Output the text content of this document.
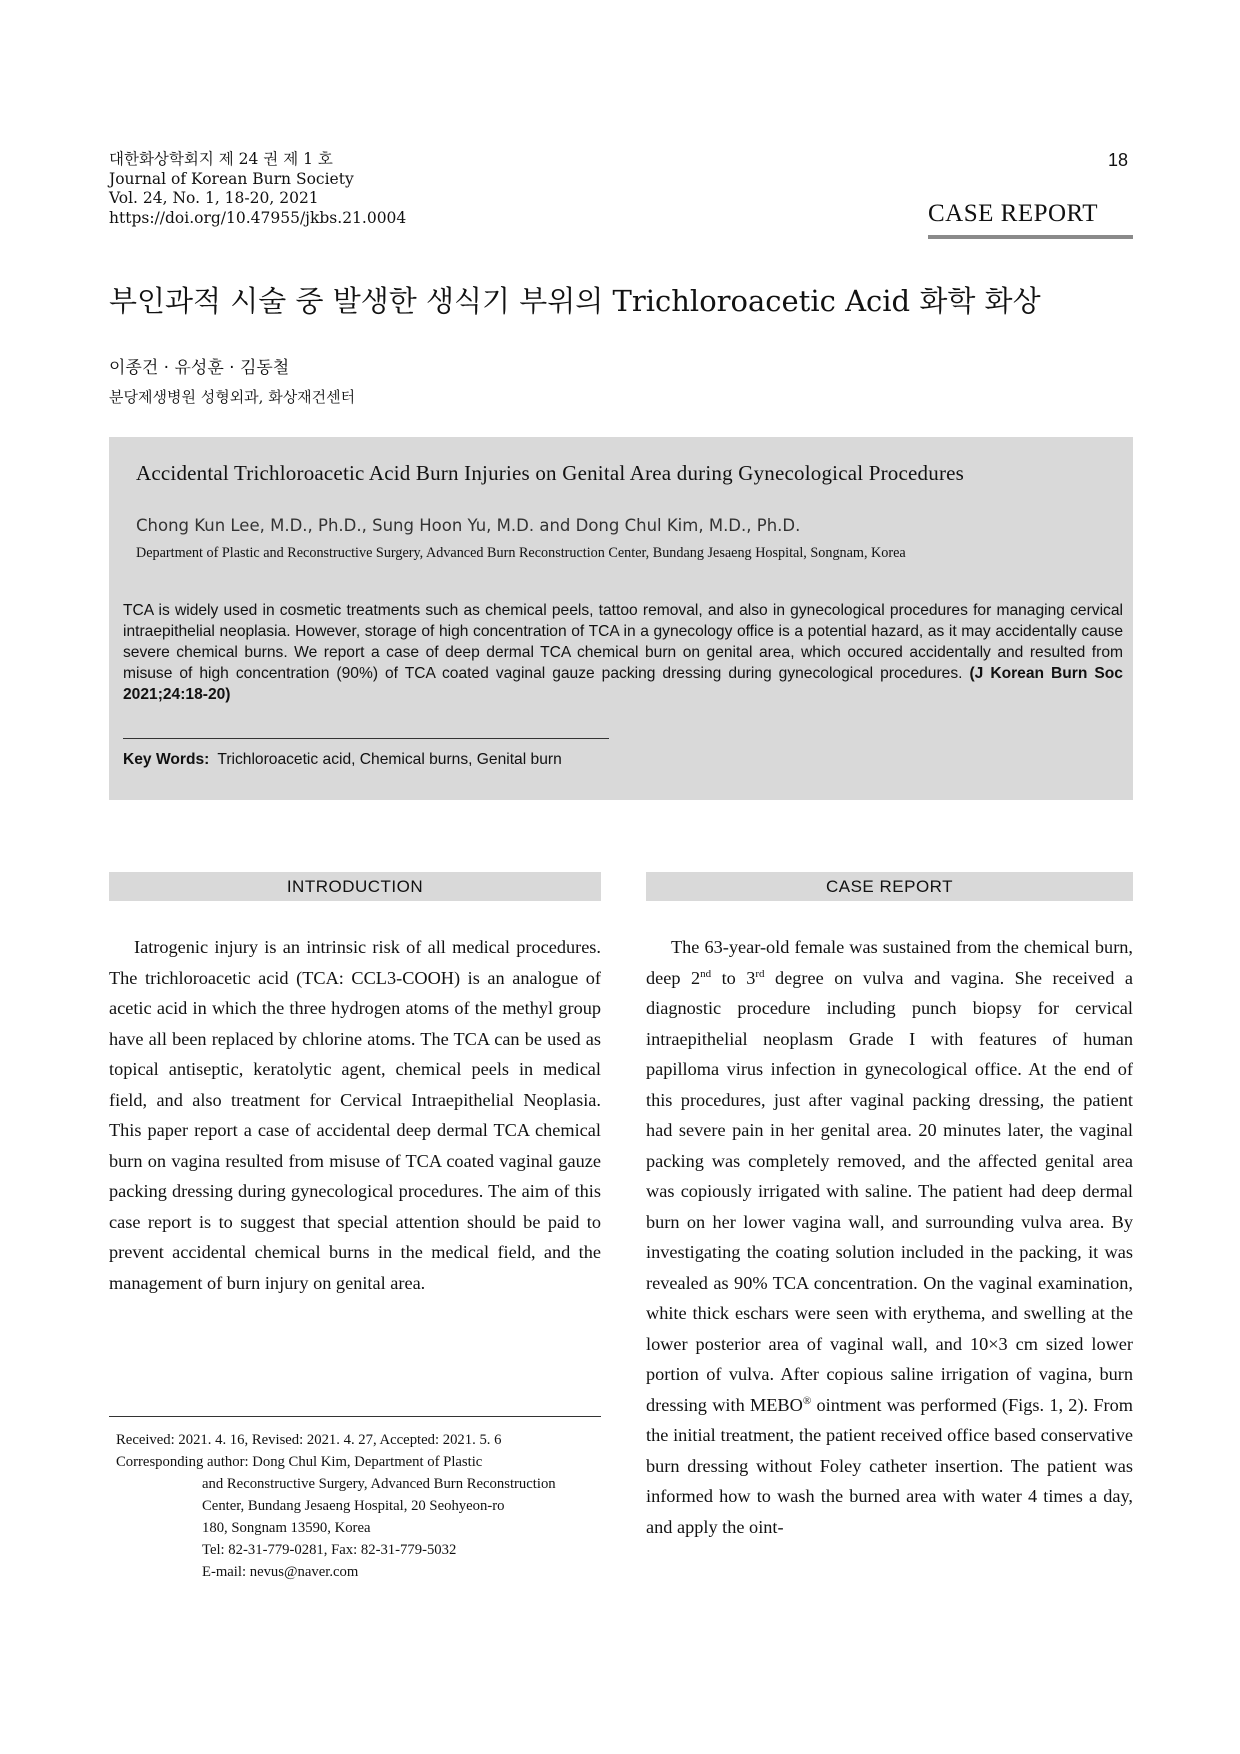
대한화상학회지 제 24 권 제 1 호
Journal of Korean Burn Society
Vol. 24, No. 1, 18-20, 2021
https://doi.org/10.47955/jkbs.21.0004
18
CASE REPORT
부인과적 시술 중 발생한 생식기 부위의 Trichloroacetic Acid 화학 화상
이종건 · 유성훈 · 김동철
분당제생병원 성형외과, 화상재건센터
Accidental Trichloroacetic Acid Burn Injuries on Genital Area during Gynecological Procedures
Chong Kun Lee, M.D., Ph.D., Sung Hoon Yu, M.D. and Dong Chul Kim, M.D., Ph.D.
Department of Plastic and Reconstructive Surgery, Advanced Burn Reconstruction Center, Bundang Jesaeng Hospital, Songnam, Korea
TCA is widely used in cosmetic treatments such as chemical peels, tattoo removal, and also in gynecological procedures for managing cervical intraepithelial neoplasia. However, storage of high concentration of TCA in a gynecology office is a potential hazard, as it may accidentally cause severe chemical burns. We report a case of deep dermal TCA chemical burn on genital area, which occured accidentally and resulted from misuse of high concentration (90%) of TCA coated vaginal gauze packing dressing during gynecological procedures. (J Korean Burn Soc 2021;24:18-20)
Key Words: Trichloroacetic acid, Chemical burns, Genital burn
INTRODUCTION	CASE REPORT
Iatrogenic injury is an intrinsic risk of all medical procedures. The trichloroacetic acid (TCA: CCL3-COOH) is an analogue of acetic acid in which the three hydrogen atoms of the methyl group have all been replaced by chlorine atoms. The TCA can be used as topical antiseptic, keratolytic agent, chemical peels in medical field, and also treatment for Cervical Intraepithelial Neoplasia. This paper report a case of accidental deep dermal TCA chemical burn on vagina resulted from misuse of TCA coated vaginal gauze packing dressing during gynecological procedures. The aim of this case report is to suggest that special attention should be paid to prevent accidental chemical burns in the medical field, and the management of burn injury on genital area.
The 63-year-old female was sustained from the chemical burn, deep 2nd to 3rd degree on vulva and vagina. She received a diagnostic procedure including punch biopsy for cervical intraepithelial neoplasm Grade I with features of human papilloma virus infection in gynecological office. At the end of this procedures, just after vaginal packing dressing, the patient had severe pain in her genital area. 20 minutes later, the vaginal packing was completely removed, and the affected genital area was copiously irrigated with saline. The patient had deep dermal burn on her lower vagina wall, and surrounding vulva area. By investigating the coating solution included in the packing, it was revealed as 90% TCA concentration. On the vaginal examination, white thick eschars were seen with erythema, and swelling at the lower posterior area of vaginal wall, and 10×3 cm sized lower portion of vulva. After copious saline irrigation of vagina, burn dressing with MEBO® ointment was performed (Figs. 1, 2). From the initial treatment, the patient received office based conservative burn dressing without Foley catheter insertion. The patient was informed how to wash the burned area with water 4 times a day, and apply the oint-
Received: 2021. 4. 16, Revised: 2021. 4. 27, Accepted: 2021. 5. 6
Corresponding author: Dong Chul Kim, Department of Plastic
and Reconstructive Surgery, Advanced Burn Reconstruction
Center, Bundang Jesaeng Hospital, 20 Seohyeon-ro
180, Songnam 13590, Korea
Tel: 82-31-779-0281, Fax: 82-31-779-5032
E-mail: nevus@naver.com
